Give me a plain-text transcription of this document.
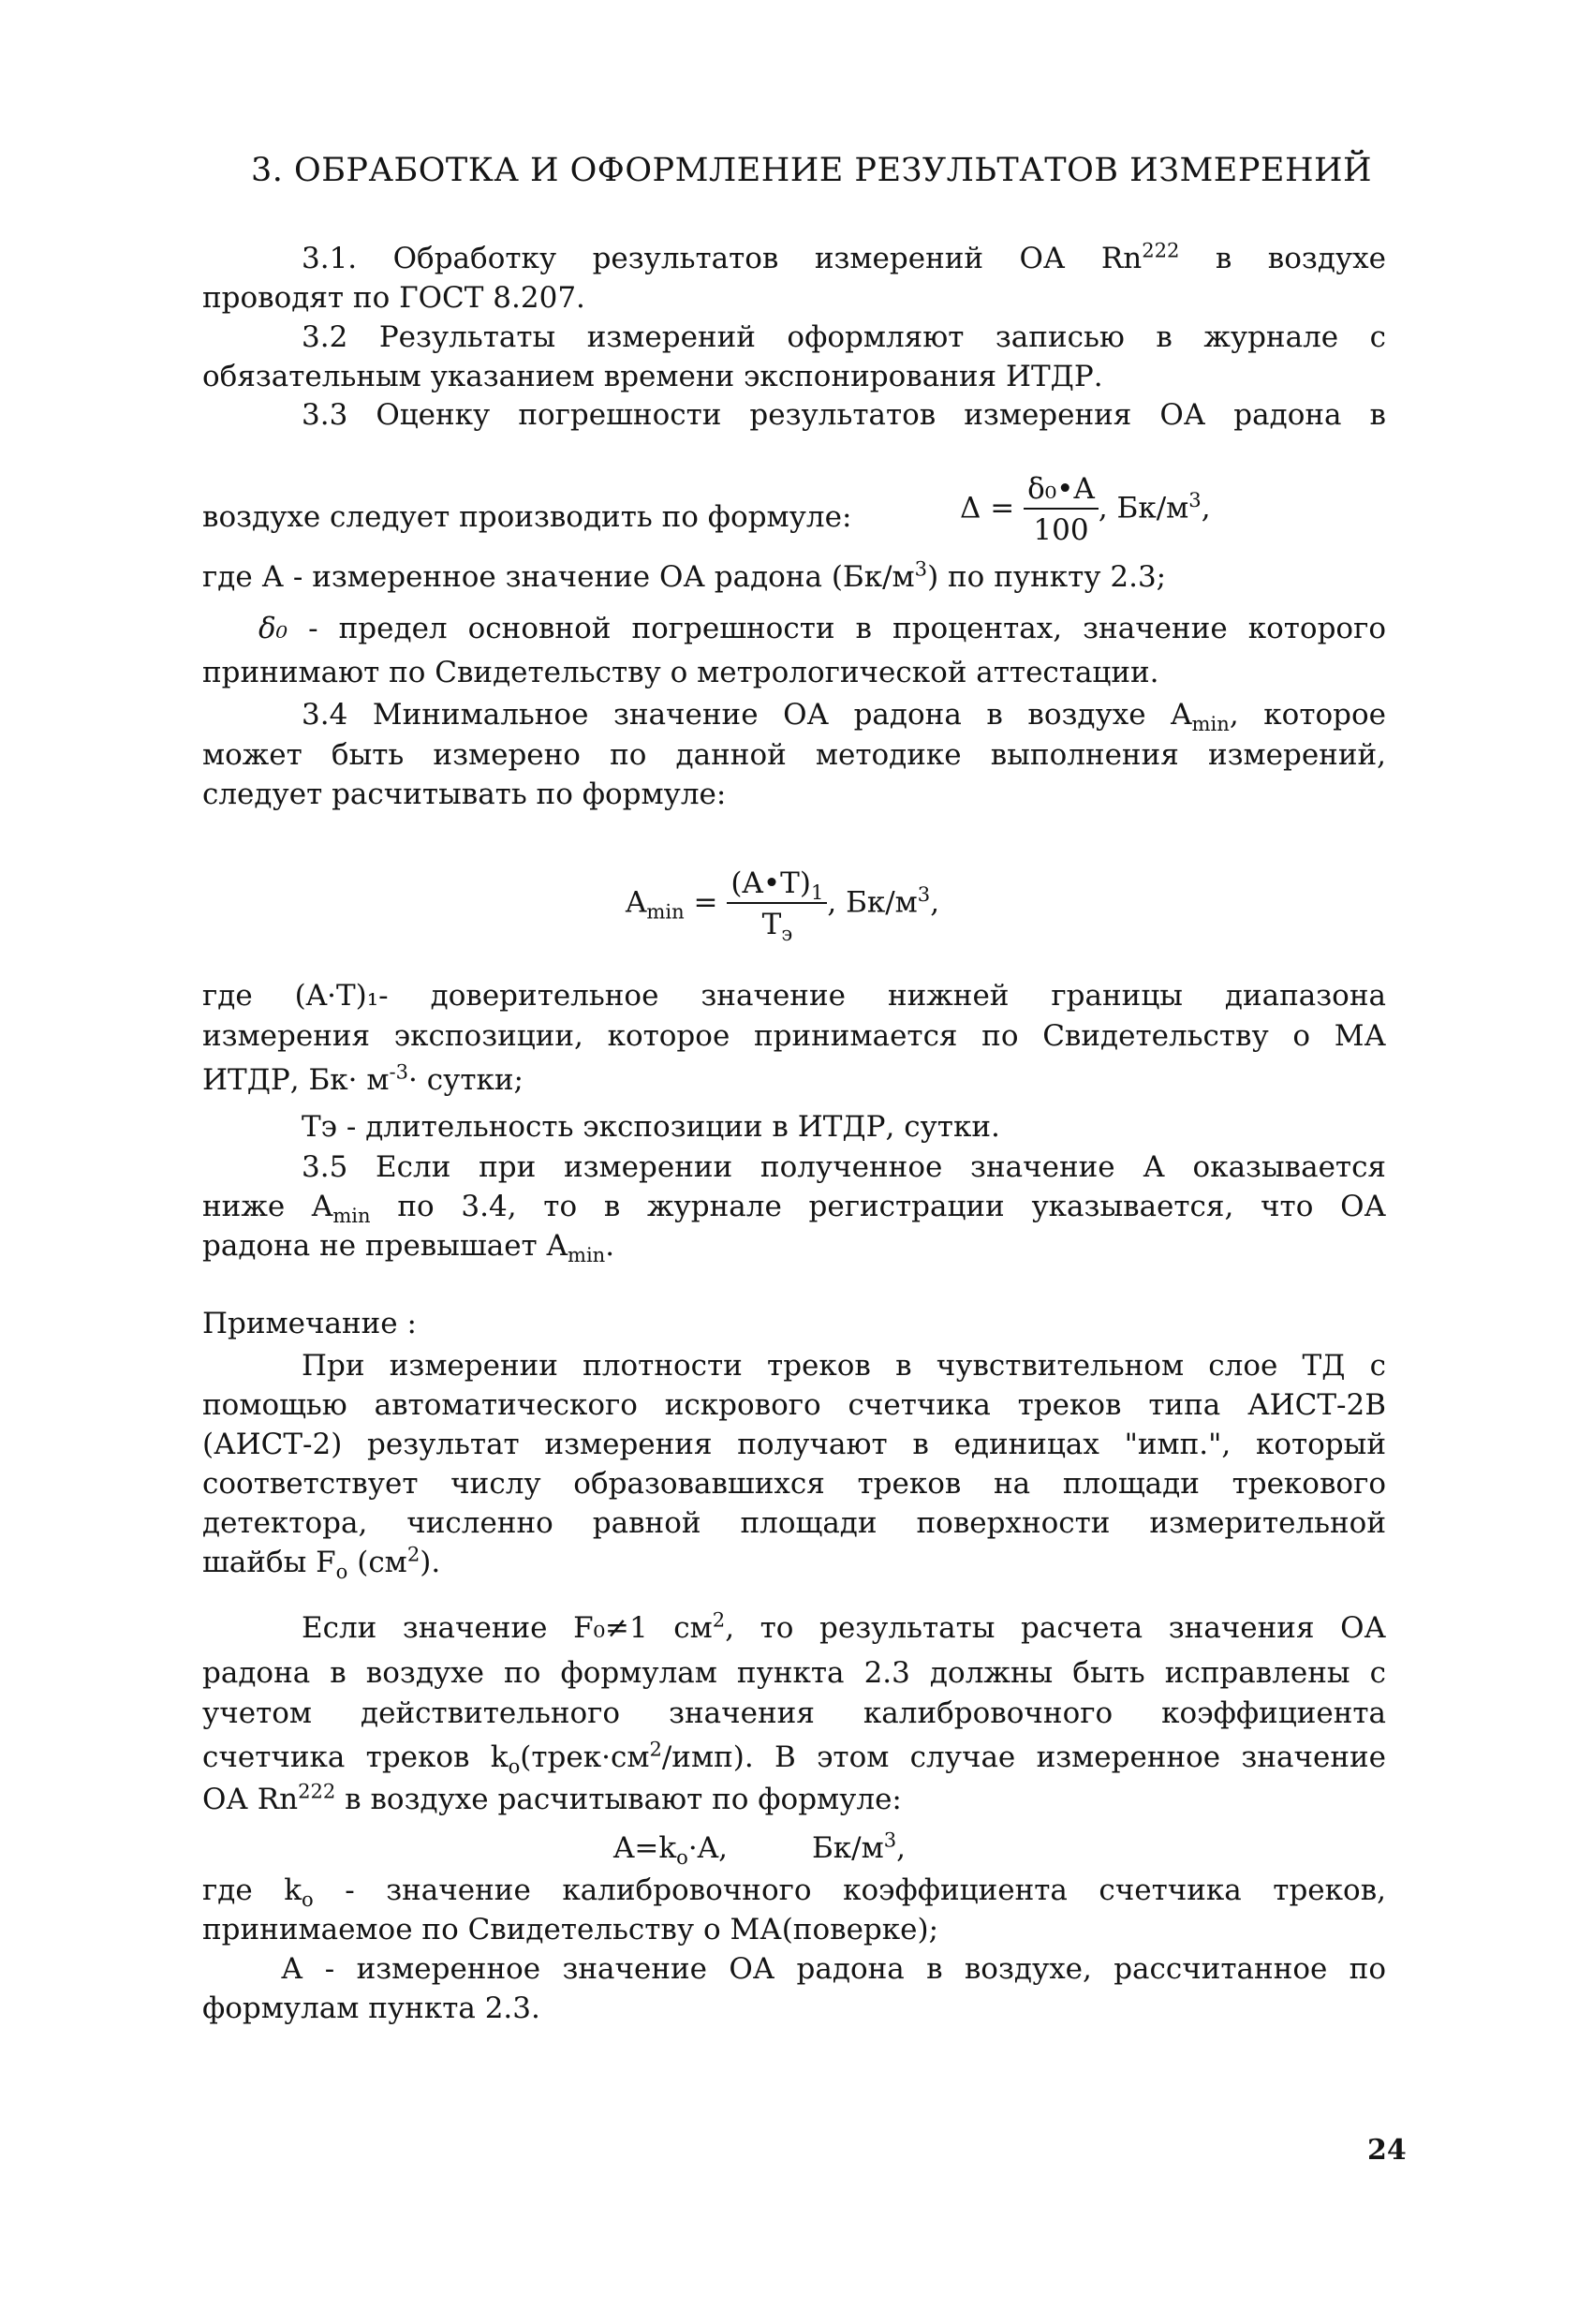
3. ОБРАБОТКА И ОФОРМЛЕНИЕ РЕЗУЛЬТАТОВ ИЗМЕРЕНИЙ
3.1. Обработку результатов измерений ОА Rn$^{222}$ в воздухе
проводят по ГОСТ 8.207.
3.2 Результаты измерений оформляют записью в журнале с
обязательным указанием времени экспонирования ИТДР.
3.3 Оценку погрешности результатов измерения ОА радона в
воздухе следует производить по формуле:	$\Delta = \frac{\text{δ₀•A}}{100}$ , $Бк/м^3$,
где А - измеренное значение ОА радона $(Бк/м^3)$ по пункту 2.3;
δ₀ - предел основной погрешности в процентах, значение которого
принимают по Свидетельству о метрологической аттестации.
3.4 Минимальное значение ОА радона в воздухе $A_{min}$, которое
может быть измерено по данной методике выполнения измерений,
следует расчитывать по формуле:
$A_{min} = \frac{(A•T)_1}{T_э}$ , $Бк/м^3$,
где (A·T)₁- доверительное значение нижней границы диапазона
измерения экспозиции, которое принимается по Свидетельству о МА
ИТДР, $Бк\cdot м^{-3}\cdot$ сутки;
Tэ - длительность экспозиции в ИТДР, сутки.
3.5 Если при измерении полученное значение А оказывается
ниже $A_{min}$ по 3.4, то в журнале регистрации указывается, что ОА
радона не превышает $A_{min}$.
Примечание :
При измерении плотности треков в чувствительном слое ТД с
помощью автоматического искрового счетчика треков типа АИСТ-2В
(АИСТ-2) результат измерения получают в единицах "имп.", который
соответствует числу образовавшихся треков на площади трекового
детектора, численно равной площади поверхности измерительной
шайбы $F_o$ $(см^2)$.
Если значение F₀≠1 $см^2$, то результаты расчета значения ОА
радона в воздухе по формулам пункта 2.3 должны быть исправлены с
учетом действительного значения калибровочного коэффициента
счетчика треков $k_o(трек\cdot см^2/имп)$. В этом случае измеренное значение
ОА Rn$^{222}$ в воздухе расчитывают по формуле:
$A=k_o\cdot A$,	$Бк/м^3$,
где $k_o$ - значение калибровочного коэффициента счетчика треков,
принимаемое по Свидетельству о МА(поверке);
А - измеренное значение ОА радона в воздухе, рассчитанное по
формулам пункта 2.3.
24
